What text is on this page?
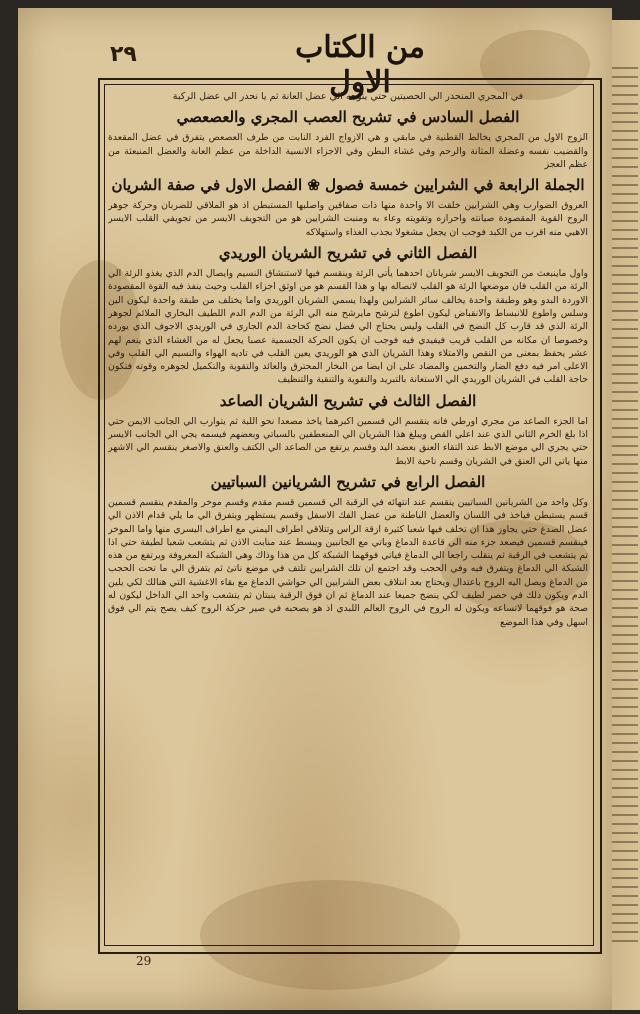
٢٩	من الكتاب الاول

في المجري المنحدر الي الحصيتين حتي يتوجه الي عضل العانة ثم يا نحدر الي عضل الركبة

الفصل السادس في تشريح العصب المجري والعصعصي

الزوج الاول من المجري يخالط القطنية في مابقي و هي الازواج الفرد النابت من طرف العصعص يتفرق في عضل المقعدة والقضيب نفسه وعضلة المثانة والرحم وفي غشاء البطن وفي الاجزاء الانسية الداخلة من عظم العانة والعضل المنبعثة من عظم العجز

الجملة الرابعة في الشرايين خمسة فصول ❀ الفصل الاول في صفة الشريان

العروق الضوارب وهي الشرايين خلقت الا واحدة منها ذات صفاقين واصلبها المستبطن اذ هو الملاقي للضربان وحركة جوهر الروح القوية المقصودة صيانته واحرازه وتقويته وعاء به ومنبت الشرايين هو من التجويف الايسر من تجويفي القلب الايسر الاهبي منه اقرب من الكبد فوجب ان يجعل مشغولا بجذب الغذاء واستهلاكه

الفصل الثاني في تشريح الشريان الوريدي

واول ماينبعث من التجويف الايسر شريانان احدهما يأتي الرئة وينقسم فيها لاستنشاق النسيم وايصال الدم الذي يغذو الرئة الي الرئة من القلب فان موضعها الرئة هو القلب لاتصاله بها و هذا القسم هو من اوثق اجزاء القلب وحيث ينفذ فيه القوة المقصودة الاوردة البدو وهو وطبقة واحدة يخالف سائر الشرايين ولهذا يسمي الشريان الوريدي واما يختلف من طبقة واحدة ليكون الين وسلس واطوع للانبساط والانقباض ليكون اطوع لترشح مايرشح منه الي الرئة من الدم الدم اللطيف البخاري الملائم لجوهر الرئة الذي قد قارب كل النضج في القلب وليس يحتاج الي فضل نضج كحاجة الدم الجاري في الوريدي الاجوف الذي يورده وخصوصا ان مكانه من القلب قريب فيفيدي فيه فوجب ان يكون الحركة الجسمية عصبا يجعل له من الغشاء الذي ينعم لهم عشر يحفظ بمعنى من النقص والامتلاء وهذا الشريان الذي هو الوريدي يعين القلب في تاديه الهواء والنسيم الي القلب وفي الاعلى امر فيه دفع الضار والتخمين والمضاد على ان ايضا من البخار المحترق والعائد والتقوية والتكميل لجوهره وقوته فتكون حاجة القلب في الشريان الوريدي الي الاستعانة بالتبريد والتقوية والتنقية والتنظيف

الفصل الثالث في تشريح الشريان الصاعد

اما الجزء الصاعد من مجري اورطي فانه ينقسم الي قسمين اكبرهما ياخذ مصعدا نحو اللبة ثم يتوارب الي الجانب الايمن حتي اذا بلغ الخرم الثاني الذي عند اعلي القص ويبلغ هذا الشريان الي المنعطفين بالسباتي وبعضهم فيسمه يجي الي الجانب الايسر حتي يجري الي موضع الابط عند التقاء العنق بعضد اليد وقسم يرتفع من الصاعد الي الكتف والعنق والاصغر ينقسم الي الاشهر منها ياتي الي العنق في الشريان وقسم ناحية الابط

الفصل الرابع في تشريح الشريانين السباتيين

وكل واحد من الشريانين السباتيين ينقسم عند انتهائه في الرقبة الي قسمين قسم مقدم وقسم موخر والمقدم ينقسم قسمين قسم يستبطن فياخذ في اللسان والعضل الباطنة من عضل الفك الاسفل وقسم يستظهر ويتفرق الي ما يلي قدام الاذن الي عضل الصدغ حتي يجاوز هذا ان تخلف فيها شعبا كثيرة ازقة الراس وتتلاقي اطراف اليمني مع اطراف اليسري منها واما الموخر فينقسم قسمين فيصعد جزء منه الي قاعدة الدماغ وياتي مع الجانبين ويبسط عند منابت الاذن ثم يتشعب شعبا لطيفة حتي اذا تم يتشعب في الرقبة ثم ينقلب راجعا الي الدماغ فياتي فوقهما الشبكة كل من هذا وذاك وهي الشبكة المعروفة ويرتفع من هذه الشبكة الي الدماغ ويتفرق فيه وفي الحجب وقد اجتمع ان تلك الشرايين تلتف في موضع ناتئ ثم يتفرق الي ما تحت الحجب من الدماغ ويصل اليه الروح باعتدال ويحتاج بعد انتلاف بعض الشرايين الي حواشي الدماغ مع بقاء الاغشية التي هنالك لكي يلين الدم ويكون ذلك في حصر لطيف لكي ينضج جميعا عند الدماغ ثم ان فوق الرقبة ينبتان ثم يتشعب واحد الي الداخل ليكون له صحة هو فوقهما لاتساعه ويكون له الروح في الروح العالم اللبدي اذ هو يصحبه في صير حركة الروح كيف يصح يتم الي فوق اسهل وفي هذا الموضع

29
